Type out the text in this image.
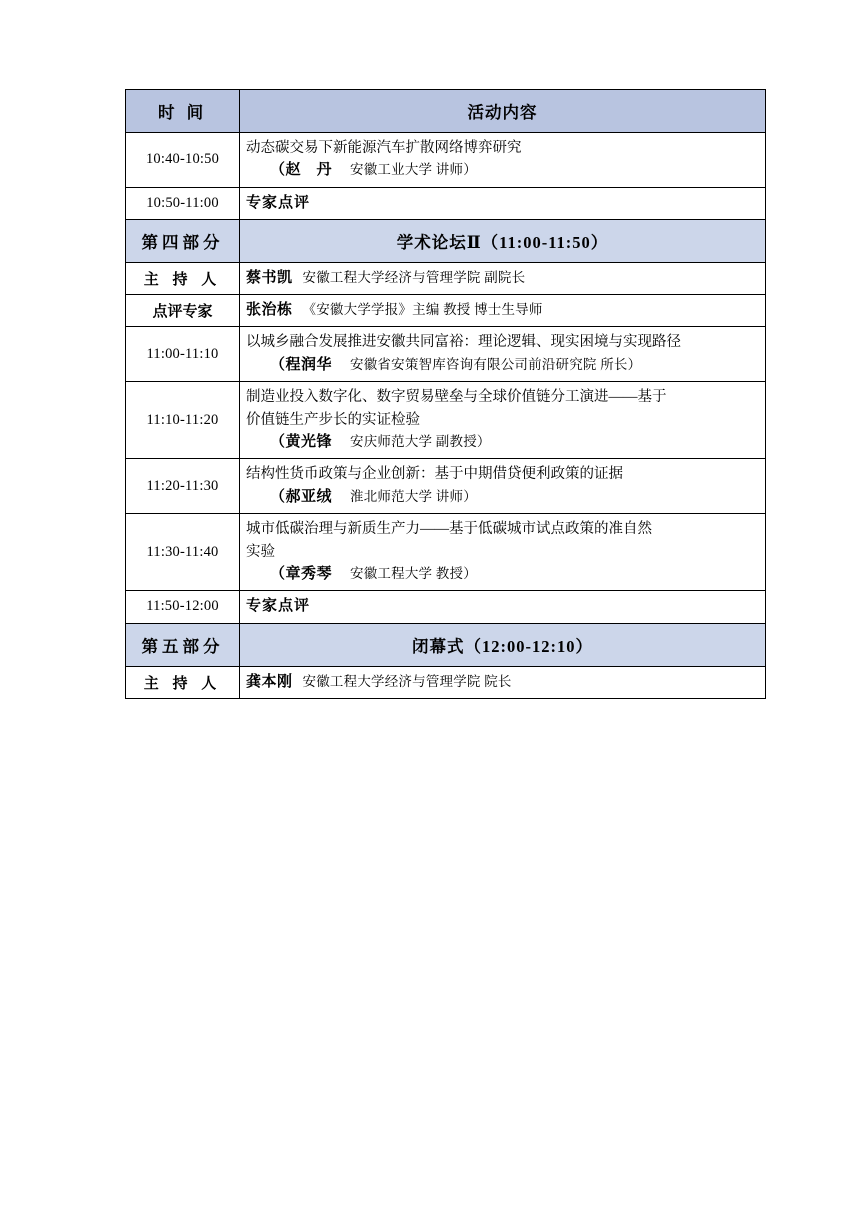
时 间	活动内容
10:40-10:50	动态碳交易下新能源汽车扩散网络博弈研究
（赵　丹 安徽工业大学 讲师）

10:50-11:00	专家点评
第四部分	学术论坛Ⅱ（11:00-11:50）
主 持 人	蔡书凯 安徽工程大学经济与管理学院 副院长
点评专家	张治栋 《安徽大学学报》主编 教授 博士生导师
11:00-11:10	以城乡融合发展推进安徽共同富裕：理论逻辑、现实困境与实现路径
（程润华 安徽省安策智库咨询有限公司前沿研究院 所长）

11:10-11:20	制造业投入数字化、数字贸易壁垒与全球价值链分工演进——基于
价值链生产步长的实证检验
（黄光锋 安庆师范大学 副教授）

11:20-11:30	结构性货币政策与企业创新：基于中期借贷便利政策的证据
（郝亚绒 淮北师范大学 讲师）

11:30-11:40	城市低碳治理与新质生产力——基于低碳城市试点政策的准自然
实验
（章秀琴 安徽工程大学 教授）

11:50-12:00	专家点评
第五部分	闭幕式（12:00-12:10）
主 持 人	龚本刚 安徽工程大学经济与管理学院 院长
